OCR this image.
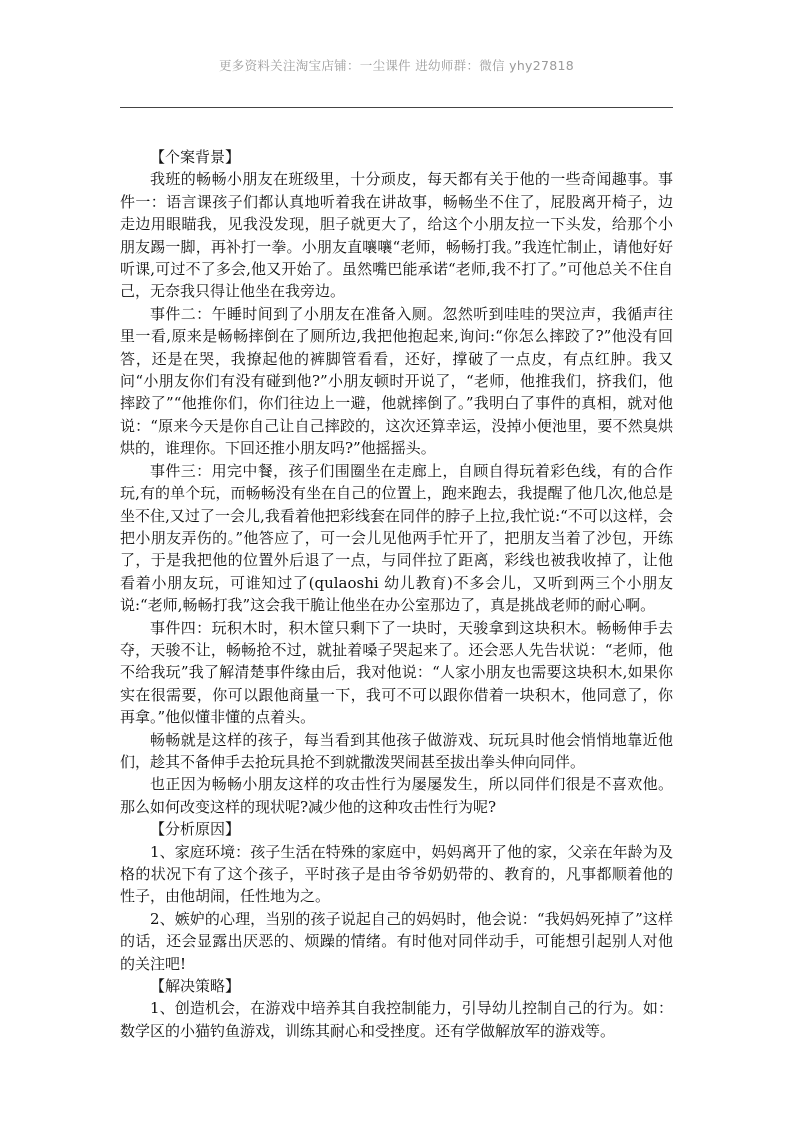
更多资料关注淘宝店铺：一尘课件 进幼师群：微信 yhy27818

【个案背景】

我班的畅畅小朋友在班级里，十分顽皮，每天都有关于他的一些奇闻趣事。事件一：语言课孩子们都认真地听着我在讲故事，畅畅坐不住了，屁股离开椅子，边走边用眼瞄我，见我没发现，胆子就更大了，给这个小朋友拉一下头发，给那个小朋友踢一脚，再补打一拳。小朋友直嚷嚷“老师，畅畅打我。”我连忙制止，请他好好听课,可过不了多会,他又开始了。虽然嘴巴能承诺“老师,我不打了。”可他总关不住自己，无奈我只得让他坐在我旁边。

事件二：午睡时间到了小朋友在准备入厕。忽然听到哇哇的哭泣声，我循声往里一看,原来是畅畅摔倒在了厕所边,我把他抱起来,询问:“你怎么摔跤了?”他没有回答，还是在哭，我撩起他的裤脚管看看，还好，撑破了一点皮，有点红肿。我又问“小朋友你们有没有碰到他?”小朋友顿时开说了，“老师，他推我们，挤我们，他摔跤了”“他推你们，你们往边上一避，他就摔倒了。”我明白了事件的真相，就对他说：“原来今天是你自己让自己摔跤的，这次还算幸运，没掉小便池里，要不然臭烘烘的，谁理你。下回还推小朋友吗?”他摇摇头。

事件三：用完中餐，孩子们围圈坐在走廊上，自顾自得玩着彩色线，有的合作玩,有的单个玩，而畅畅没有坐在自己的位置上，跑来跑去，我提醒了他几次,他总是坐不住,又过了一会儿,我看着他把彩线套在同伴的脖子上拉,我忙说:“不可以这样，会把小朋友弄伤的。”他答应了，可一会儿见他两手忙开了，把朋友当着了沙包，开练了，于是我把他的位置外后退了一点，与同伴拉了距离，彩线也被我收掉了，让他看着小朋友玩，可谁知过了(qulaoshi 幼儿教育)不多会儿，又听到两三个小朋友说:“老师,畅畅打我”这会我干脆让他坐在办公室那边了，真是挑战老师的耐心啊。

事件四：玩积木时，积木筐只剩下了一块时，天骏拿到这块积木。畅畅伸手去夺，天骏不让，畅畅抢不过，就扯着嗓子哭起来了。还会恶人先告状说：“老师，他不给我玩”我了解清楚事件缘由后，我对他说：“人家小朋友也需要这块积木,如果你实在很需要，你可以跟他商量一下，我可不可以跟你借着一块积木，他同意了，你再拿。”他似懂非懂的点着头。

畅畅就是这样的孩子，每当看到其他孩子做游戏、玩玩具时他会悄悄地靠近他们，趁其不备伸手去抢玩具抢不到就撒泼哭闹甚至拔出拳头伸向同伴。

也正因为畅畅小朋友这样的攻击性行为屡屡发生，所以同伴们很是不喜欢他。那么如何改变这样的现状呢?减少他的这种攻击性行为呢?

【分析原因】

1、家庭环境：孩子生活在特殊的家庭中，妈妈离开了他的家，父亲在年龄为及格的状况下有了这个孩子，平时孩子是由爷爷奶奶带的、教育的，凡事都顺着他的性子，由他胡闹，任性地为之。

2、嫉妒的心理，当别的孩子说起自己的妈妈时，他会说：“我妈妈死掉了”这样的话，还会显露出厌恶的、烦躁的情绪。有时他对同伴动手，可能想引起别人对他的关注吧!

【解决策略】

1、创造机会，在游戏中培养其自我控制能力，引导幼儿控制自己的行为。如：数学区的小猫钓鱼游戏，训练其耐心和受挫度。还有学做解放军的游戏等。
